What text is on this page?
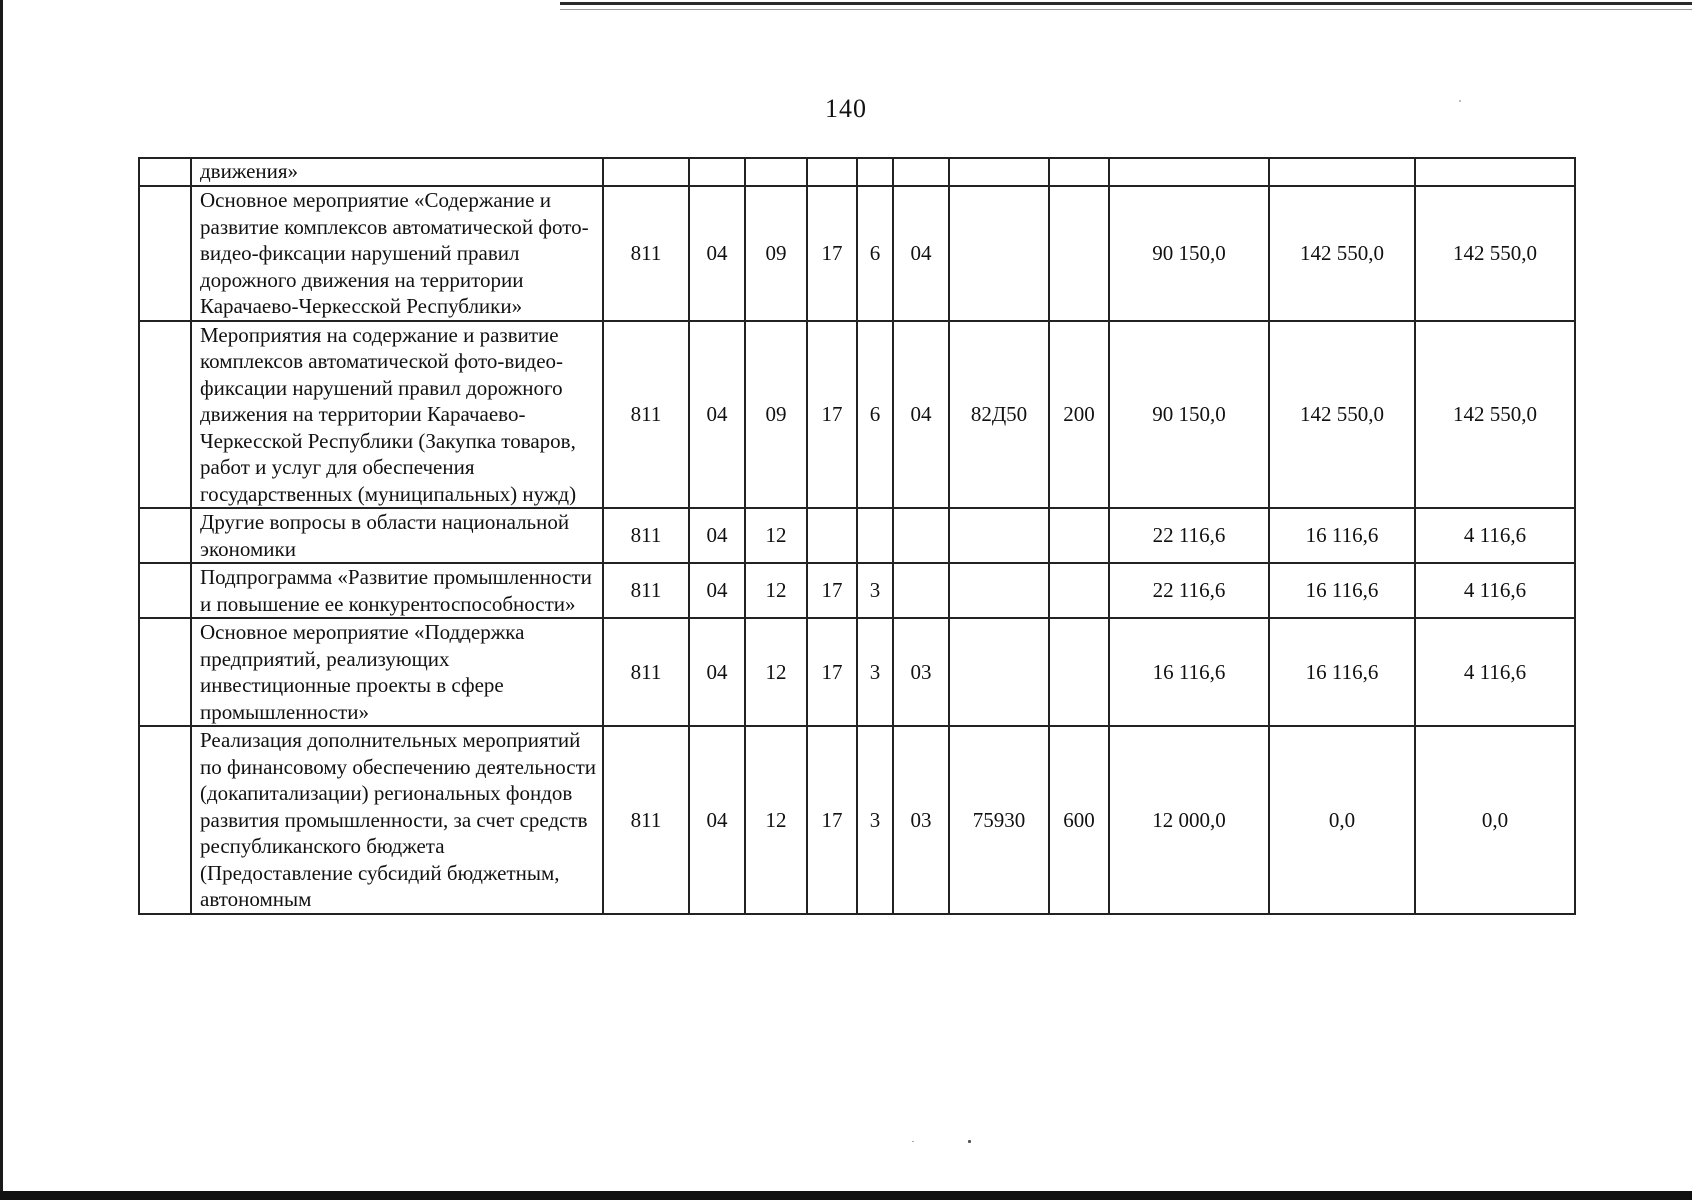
140
	движения»											
	Основное мероприятие «Содержание и развитие комплексов автоматической фото-видео-фиксации нарушений правил дорожного движения на территории Карачаево-Черкесской Республики»	811	04	09	17	6	04			90 150,0	142 550,0	142 550,0
	Мероприятия на содержание и развитие комплексов автоматической фото-видео-фиксации нарушений правил дорожного движения на территории Карачаево-Черкесской Республики (Закупка товаров, работ и услуг для обеспечения государственных (муниципальных) нужд)	811	04	09	17	6	04	82Д50	200	90 150,0	142 550,0	142 550,0
	Другие вопросы в области национальной экономики	811	04	12						22 116,6	16 116,6	4 116,6
	Подпрограмма «Развитие промышленности и повышение ее конкурентоспособности»	811	04	12	17	3				22 116,6	16 116,6	4 116,6
	Основное мероприятие «Поддержка предприятий, реализующих инвестиционные проекты в сфере промышленности»	811	04	12	17	3	03			16 116,6	16 116,6	4 116,6
	Реализация дополнительных мероприятий по финансовому обеспечению деятельности (докапитализации) региональных фондов развития промышленности, за счет средств республиканского бюджета (Предоставление субсидий бюджетным, автономным	811	04	12	17	3	03	75930	600	12 000,0	0,0	0,0
